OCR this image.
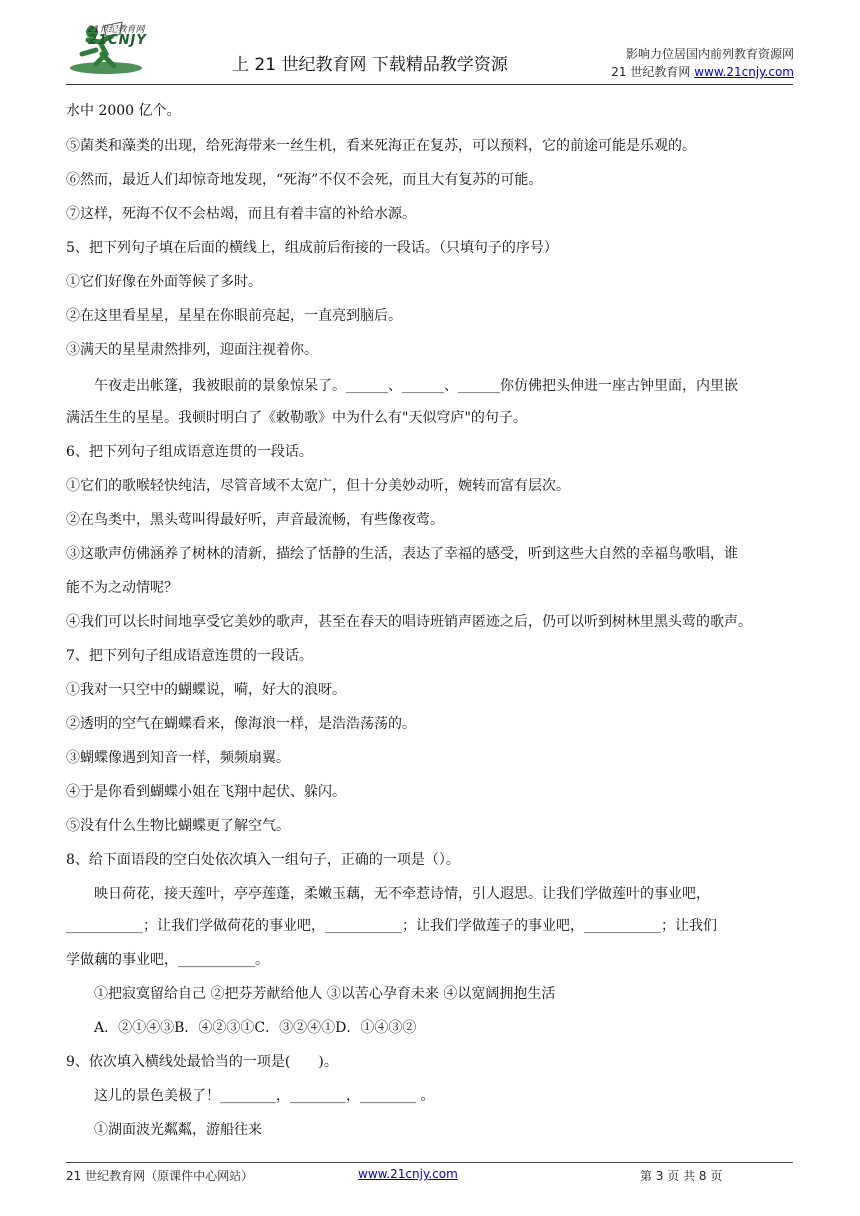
21世纪教育网
21CNJY
上 21 世纪教育网 下载精品教学资源
影响力位居国内前列教育资源网
21 世纪教育网 www.21cnjy.com
水中 2000 亿个。
⑤菌类和藻类的出现，给死海带来一丝生机，看来死海正在复苏，可以预料，它的前途可能是乐观的。
⑥然而，最近人们却惊奇地发现，“死海”不仅不会死，而且大有复苏的可能。
⑦这样，死海不仅不会枯竭，而且有着丰富的补给水源。
5、把下列句子填在后面的横线上，组成前后衔接的一段话。（只填句子的序号）
①它们好像在外面等候了多时。
②在这里看星星，星星在你眼前亮起，一直亮到脑后。
③满天的星星肃然排列，迎面注视着你。
午夜走出帐篷，我被眼前的景象惊呆了。______、______、______你仿佛把头伸进一座古钟里面，内里嵌
满活生生的星星。我顿时明白了《敕勒歌》中为什么有"天似穹庐"的句子。
6、把下列句子组成语意连贯的一段话。
①它们的歌喉轻快纯洁，尽管音域不太宽广，但十分美妙动听，婉转而富有层次。
②在鸟类中，黑头莺叫得最好听，声音最流畅，有些像夜莺。
③这歌声仿佛涵养了树林的清新，描绘了恬静的生活，表达了幸福的感受，听到这些大自然的幸福鸟歌唱，谁
能不为之动情呢？
④我们可以长时间地享受它美妙的歌声，甚至在春天的唱诗班销声匿迹之后，仍可以听到树林里黑头莺的歌声。
7、把下列句子组成语意连贯的一段话。
①我对一只空中的蝴蝶说，嗬，好大的浪呀。
②透明的空气在蝴蝶看来，像海浪一样，是浩浩荡荡的。
③蝴蝶像遇到知音一样，频频扇翼。
④于是你看到蝴蝶小姐在飞翔中起伏、躲闪。
⑤没有什么生物比蝴蝶更了解空气。
8、给下面语段的空白处依次填入一组句子，正确的一项是（）。
映日荷花，接天莲叶，亭亭莲蓬，柔嫩玉藕，无不牵惹诗情，引人遐思。让我们学做莲叶的事业吧，
___________；让我们学做荷花的事业吧，___________；让我们学做莲子的事业吧，___________；让我们
学做藕的事业吧，___________。
①把寂寞留给自己 ②把芬芳献给他人 ③以苦心孕育未来 ④以宽阔拥抱生活
A．②①④③B．④②③①C．③②④①D．①④③②
9、依次填入横线处最恰当的一项是(　　)。
这儿的景色美极了！________，________，________ 。
①湖面波光粼粼，游船往来
21 世纪教育网（原课件中心网站）	www.21cnjy.com	第 3 页 共 8 页
